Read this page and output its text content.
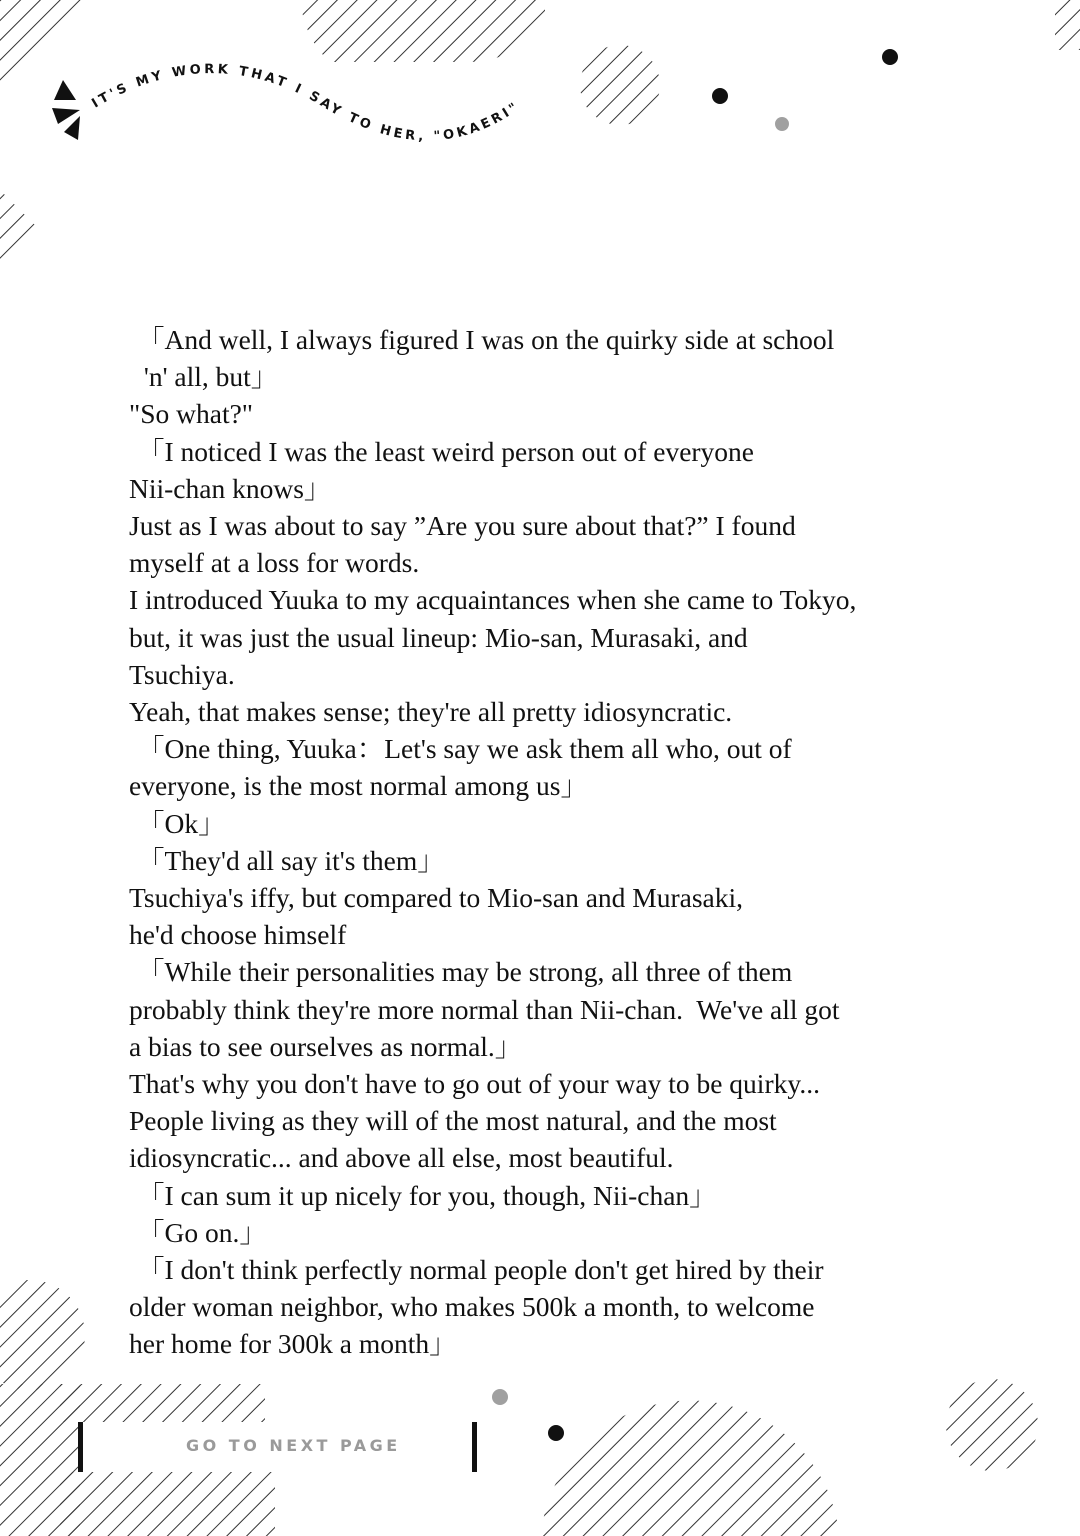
IT'S MY WORK THAT I SAY TO HER, "OKAERI"
「And well, I always figured I was on the quirky side at school
'n' all, but」
"So what?"
「I noticed I was the least weird person out of everyone
Nii-chan knows」
Just as I was about to say ”Are you sure about that?” I found
myself at a loss for words.
I introduced Yuuka to my acquaintances when she came to Tokyo,
but, it was just the usual lineup: Mio-san, Murasaki, and
Tsuchiya.
Yeah, that makes sense; they're all pretty idiosyncratic.
「One thing, Yuuka：Let's say we ask them all who, out of
everyone, is the most normal among us」
「Ok」
「They'd all say it's them」
Tsuchiya's iffy, but compared to Mio-san and Murasaki,
he'd choose himself
「While their personalities may be strong, all three of them
probably think they're more normal than Nii-chan.  We've all got
a bias to see ourselves as normal.」
That's why you don't have to go out of your way to be quirky...
People living as they will of the most natural, and the most
idiosyncratic... and above all else, most beautiful.
「I can sum it up nicely for you, though, Nii-chan」
「Go on.」
「I don't think perfectly normal people don't get hired by their
older woman neighbor, who makes 500k a month, to welcome
her home for 300k a month」
GO TO NEXT PAGE
